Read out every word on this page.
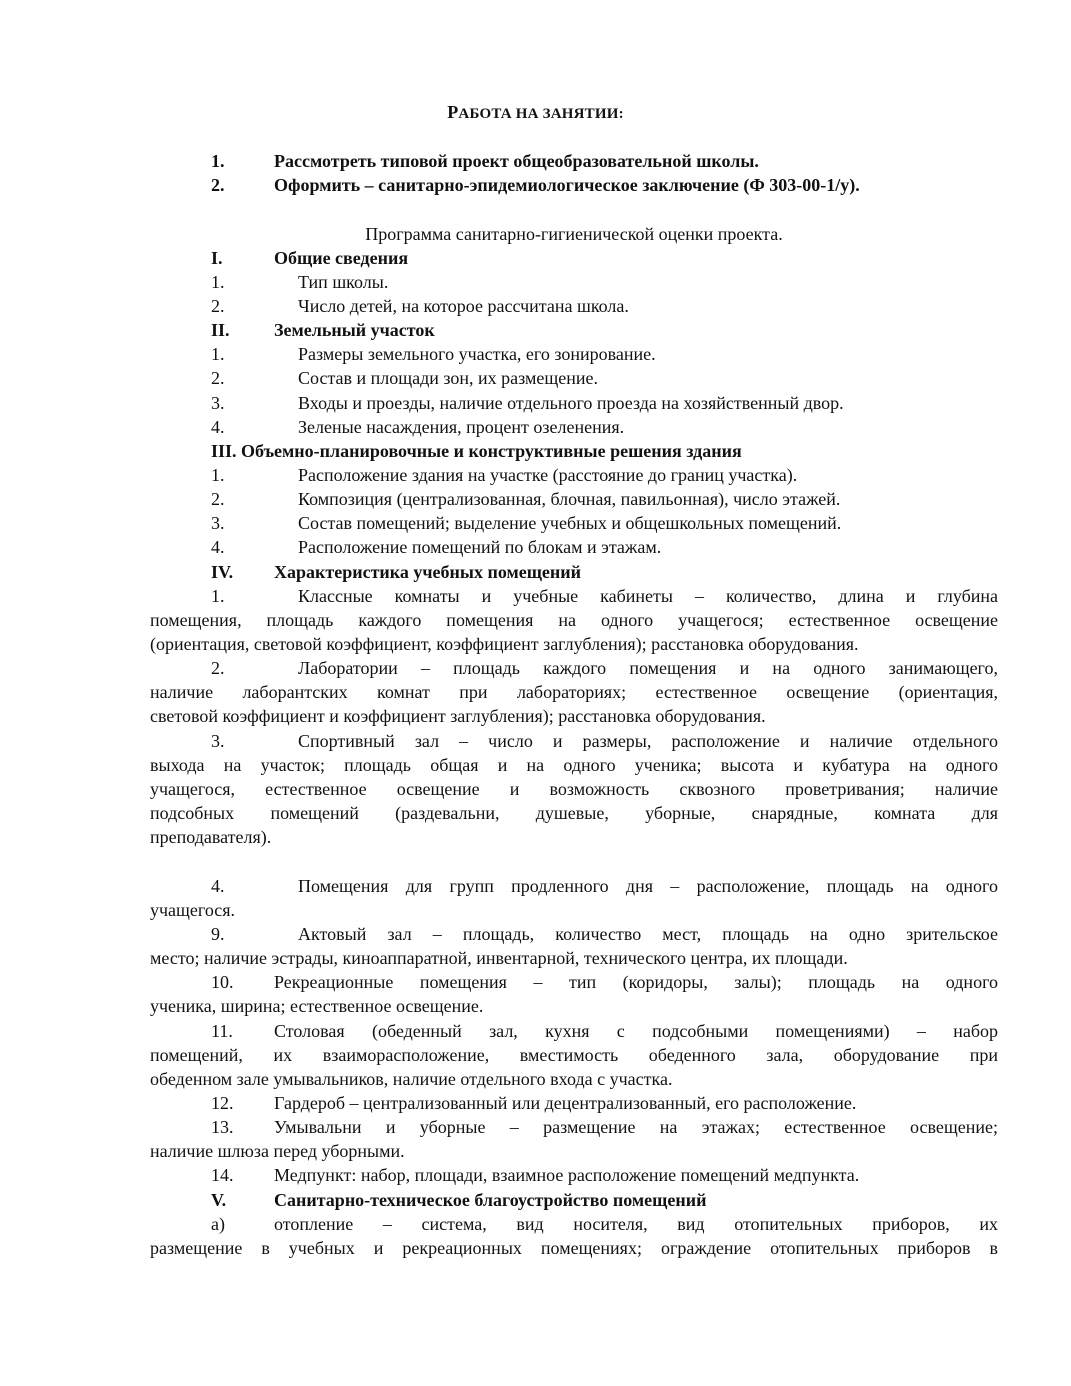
РАБОТА НА ЗАНЯТИИ:
1.	Рассмотреть типовой проект общеобразовательной школы.
2.	Оформить – санитарно-эпидемиологическое заключение (Ф 303-00-1/у).
Программа санитарно-гигиенической оценки проекта.
I.	Общие сведения
1.	Тип школы.
2.	Число детей, на которое рассчитана школа.
II. Земельный участок
1.	Размеры земельного участка, его зонирование.
2.	Состав и площади зон, их размещение.
3.	Входы и проезды, наличие отдельного проезда на хозяйственный двор.
4.	Зеленые насаждения, процент озеленения.
III. Объемно-планировочные и конструктивные решения здания
1.	Расположение здания на участке (расстояние до границ участка).
2.	Композиция (централизованная, блочная, павильонная), число этажей.
3.	Состав помещений; выделение учебных и общешкольных помещений.
4.	Расположение помещений по блокам и этажам.
IV. Характеристика учебных помещений
1.	Классные комнаты и учебные кабинеты – количество, длина и глубина
помещения, площадь каждого помещения на одного учащегося; естественное освещение
(ориентация, световой коэффициент, коэффициент заглубления); расстановка оборудования.
2.	Лаборатории – площадь каждого помещения и на одного занимающего,
наличие лаборантских комнат при лабораториях; естественное освещение (ориентация,
световой коэффициент и коэффициент заглубления); расстановка оборудования.
3.	Спортивный зал – число и размеры, расположение и наличие отдельного
выхода на участок; площадь общая и на одного ученика; высота и кубатура на одного
учащегося, естественное освещение и возможность сквозного проветривания; наличие
подсобных помещений (раздевальни, душевые, уборные, снарядные, комната для
преподавателя).
4.	Помещения для групп продленного дня – расположение, площадь на одного
учащегося.
9.	Актовый зал – площадь, количество мест, площадь на одно зрительское
место; наличие эстрады, киноаппаратной, инвентарной, технического центра, их площади.
10. Рекреационные помещения – тип (коридоры, залы); площадь на одного
ученика, ширина; естественное освещение.
11. Столовая (обеденный зал, кухня с подсобными помещениями) – набор
помещений, их взаиморасположение, вместимость обеденного зала, оборудование при
обеденном зале умывальников, наличие отдельного входа с участка.
12. Гардероб – централизованный или децентрализованный, его расположение.
13. Умывальни и уборные – размещение на этажах; естественное освещение;
наличие шлюза перед уборными.
14. Медпункт: набор, площади, взаимное расположение помещений медпункта.
V.	Санитарно-техническое благоустройство помещений
а)	отопление – система, вид носителя, вид отопительных приборов, их
размещение в учебных и рекреационных помещениях; ограждение отопительных приборов в
